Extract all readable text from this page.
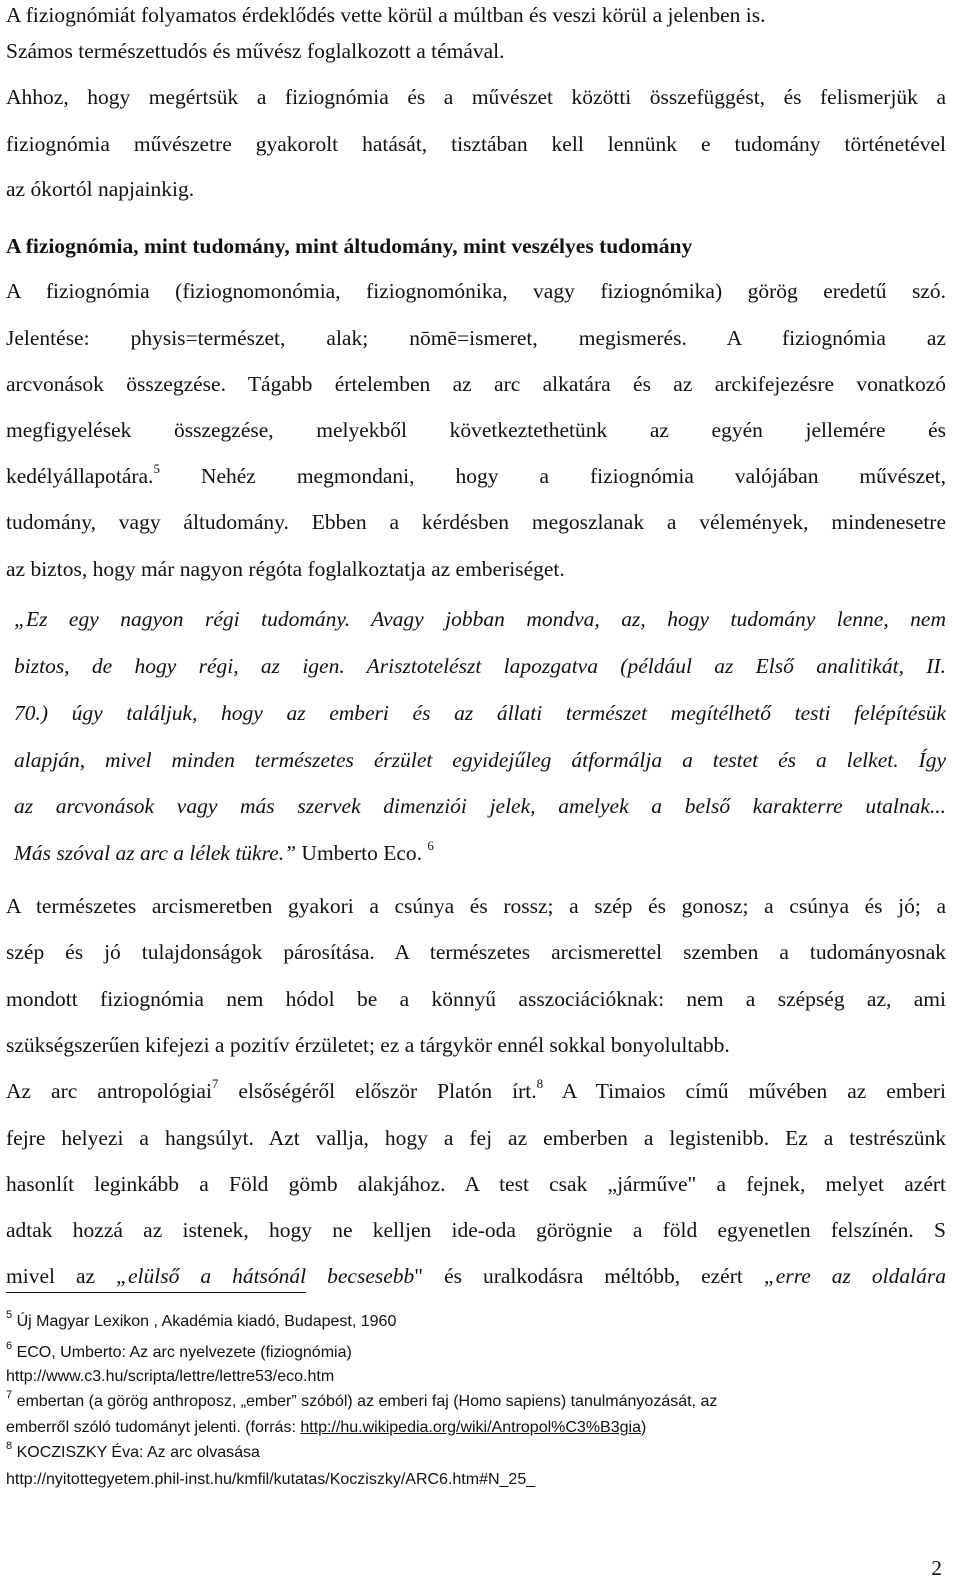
A fiziognómiát folyamatos érdeklődés vette körül a múltban és veszi körül a jelenben is.
Számos természettudós és művész foglalkozott a témával.
Ahhoz, hogy megértsük a fiziognómia és a művészet közötti összefüggést, és felismerjük a
fiziognómia művészetre gyakorolt hatását, tisztában kell lennünk e tudomány történetével
az ókortól napjainkig.
A fiziognómia, mint tudomány, mint áltudomány, mint veszélyes tudomány
A fiziognómia (fiziognomonómia, fiziognomónika, vagy fiziognómika) görög eredetű szó.
Jelentése: physis=természet, alak; nōmē=ismeret, megismerés. A fiziognómia az
arcvonások összegzése. Tágabb értelemben az arc alkatára és az arckifejezésre vonatkozó
megfigyelések összegzése, melyekből következtethetünk az egyén jellemére és
kedélyállapotára.$^5$ Nehéz megmondani, hogy a fiziognómia valójában művészet,
tudomány, vagy áltudomány. Ebben a kérdésben megoszlanak a vélemények, mindenesetre
az biztos, hogy már nagyon régóta foglalkoztatja az emberiséget.
„Ez egy nagyon régi tudomány. Avagy jobban mondva, az, hogy tudomány lenne, nem
biztos, de hogy régi, az igen. Arisztotelészt lapozgatva (például az Első analitikát, II.
70.) úgy találjuk, hogy az emberi és az állati természet megítélhető testi felépítésük
alapján, mivel minden természetes érzület egyidejűleg átformálja a testet és a lelket. Így
az arcvonások vagy más szervek dimenziói jelek, amelyek a belső karakterre utalnak...
Más szóval az arc a lélek tükre.” Umberto Eco. $^6$
A természetes arcismeretben gyakori a csúnya és rossz; a szép és gonosz; a csúnya és jó; a
szép és jó tulajdonságok párosítása. A természetes arcismerettel szemben a tudományosnak
mondott fiziognómia nem hódol be a könnyű asszociációknak: nem a szépség az, ami
szükségszerűen kifejezi a pozitív érzületet; ez a tárgykör ennél sokkal bonyolultabb.
Az arc antropológiai$^7$ elsőségéről először Platón írt.$^8$ A Timaios című művében az emberi
fejre helyezi a hangsúlyt. Azt vallja, hogy a fej az emberben a legistenibb. Ez a testrészünk
hasonlít leginkább a Föld gömb alakjához. A test csak „járműve" a fejnek, melyet azért
adtak hozzá az istenek, hogy ne kelljen ide-oda görögnie a föld egyenetlen felszínén. S
mivel az „elülső a hátsónál becsesebb" és uralkodásra méltóbb, ezért „erre az oldalára
$^5$ Új Magyar Lexikon , Akadémia kiadó, Budapest, 1960
$^6$ ECO, Umberto: Az arc nyelvezete (fiziognómia)
http://www.c3.hu/scripta/lettre/lettre53/eco.htm
$^7$ embertan (a görög anthroposz, „ember” szóból) az emberi faj (Homo sapiens) tanulmányozását, az
emberről szóló tudományt jelenti. (forrás: http://hu.wikipedia.org/wiki/Antropol%C3%B3gia)
$^8$ KOCZISZKY Éva: Az arc olvasása
http://nyitottegyetem.phil-inst.hu/kmfil/kutatas/Kocziszky/ARC6.htm#N_25_
2
